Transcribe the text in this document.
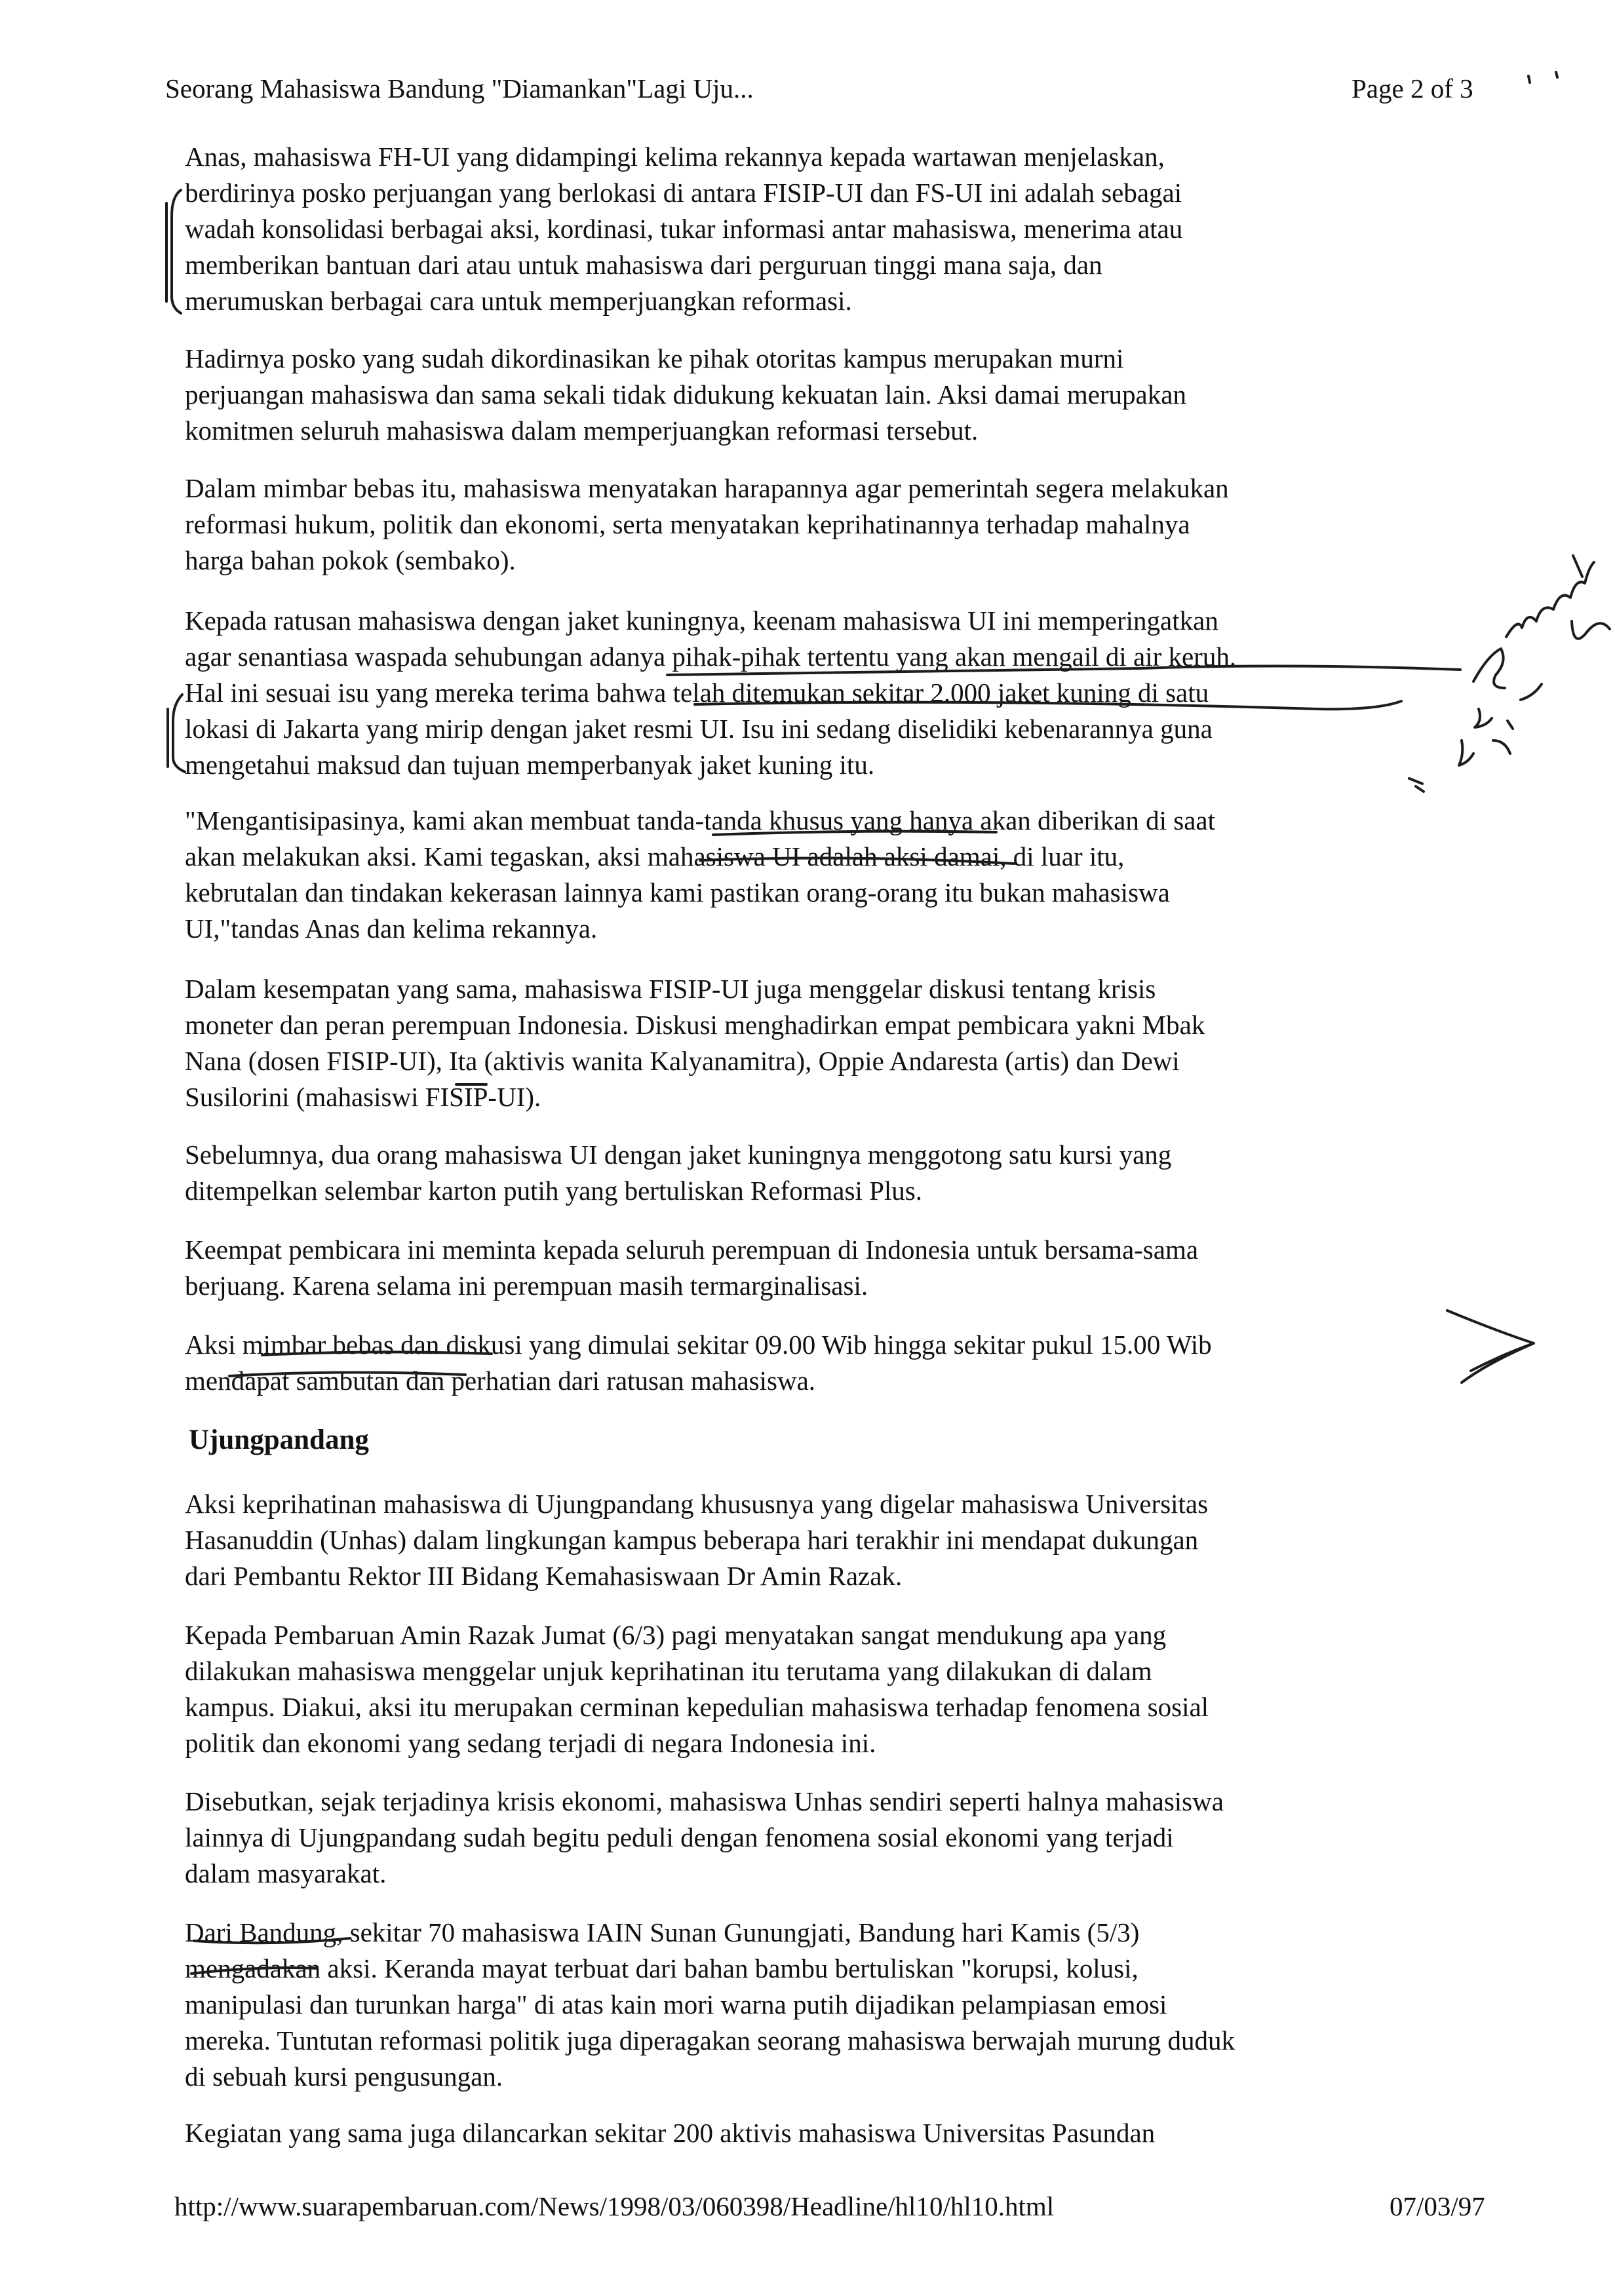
Seorang Mahasiswa Bandung "Diamankan"Lagi Uju...	Page 2 of 3
Anas, mahasiswa FH-UI yang didampingi kelima rekannya kepada wartawan menjelaskan,
berdirinya posko perjuangan yang berlokasi di antara FISIP-UI dan FS-UI ini adalah sebagai
wadah konsolidasi berbagai aksi, kordinasi, tukar informasi antar mahasiswa, menerima atau
memberikan bantuan dari atau untuk mahasiswa dari perguruan tinggi mana saja, dan
merumuskan berbagai cara untuk memperjuangkan reformasi.
Hadirnya posko yang sudah dikordinasikan ke pihak otoritas kampus merupakan murni
perjuangan mahasiswa dan sama sekali tidak didukung kekuatan lain. Aksi damai merupakan
komitmen seluruh mahasiswa dalam memperjuangkan reformasi tersebut.
Dalam mimbar bebas itu, mahasiswa menyatakan harapannya agar pemerintah segera melakukan
reformasi hukum, politik dan ekonomi, serta menyatakan keprihatinannya terhadap mahalnya
harga bahan pokok (sembako).
Kepada ratusan mahasiswa dengan jaket kuningnya, keenam mahasiswa UI ini memperingatkan
agar senantiasa waspada sehubungan adanya pihak-pihak tertentu yang akan mengail di air keruh.
Hal ini sesuai isu yang mereka terima bahwa telah ditemukan sekitar 2.000 jaket kuning di satu
lokasi di Jakarta yang mirip dengan jaket resmi UI. Isu ini sedang diselidiki kebenarannya guna
mengetahui maksud dan tujuan memperbanyak jaket kuning itu.
"Mengantisipasinya, kami akan membuat tanda-tanda khusus yang hanya akan diberikan di saat
akan melakukan aksi. Kami tegaskan, aksi mahasiswa UI adalah aksi damai, di luar itu,
kebrutalan dan tindakan kekerasan lainnya kami pastikan orang-orang itu bukan mahasiswa
UI,"tandas Anas dan kelima rekannya.
Dalam kesempatan yang sama, mahasiswa FISIP-UI juga menggelar diskusi tentang krisis
moneter dan peran perempuan Indonesia. Diskusi menghadirkan empat pembicara yakni Mbak
Nana (dosen FISIP-UI), Ita (aktivis wanita Kalyanamitra), Oppie Andaresta (artis) dan Dewi
Susilorini (mahasiswi FISIP-UI).
Sebelumnya, dua orang mahasiswa UI dengan jaket kuningnya menggotong satu kursi yang
ditempelkan selembar karton putih yang bertuliskan Reformasi Plus.
Keempat pembicara ini meminta kepada seluruh perempuan di Indonesia untuk bersama-sama
berjuang. Karena selama ini perempuan masih termarginalisasi.
Aksi mimbar bebas dan diskusi yang dimulai sekitar 09.00 Wib hingga sekitar pukul 15.00 Wib
mendapat sambutan dan perhatian dari ratusan mahasiswa.
Ujungpandang
Aksi keprihatinan mahasiswa di Ujungpandang khususnya yang digelar mahasiswa Universitas
Hasanuddin (Unhas) dalam lingkungan kampus beberapa hari terakhir ini mendapat dukungan
dari Pembantu Rektor III Bidang Kemahasiswaan Dr Amin Razak.
Kepada Pembaruan Amin Razak Jumat (6/3) pagi menyatakan sangat mendukung apa yang
dilakukan mahasiswa menggelar unjuk keprihatinan itu terutama yang dilakukan di dalam
kampus. Diakui, aksi itu merupakan cerminan kepedulian mahasiswa terhadap fenomena sosial
politik dan ekonomi yang sedang terjadi di negara Indonesia ini.
Disebutkan, sejak terjadinya krisis ekonomi, mahasiswa Unhas sendiri seperti halnya mahasiswa
lainnya di Ujungpandang sudah begitu peduli dengan fenomena sosial ekonomi yang terjadi
dalam masyarakat.
Dari Bandung, sekitar 70 mahasiswa IAIN Sunan Gunungjati, Bandung hari Kamis (5/3)
mengadakan aksi. Keranda mayat terbuat dari bahan bambu bertuliskan "korupsi, kolusi,
manipulasi dan turunkan harga" di atas kain mori warna putih dijadikan pelampiasan emosi
mereka. Tuntutan reformasi politik juga diperagakan seorang mahasiswa berwajah murung duduk
di sebuah kursi pengusungan.
Kegiatan yang sama juga dilancarkan sekitar 200 aktivis mahasiswa Universitas Pasundan
http://www.suarapembaruan.com/News/1998/03/060398/Headline/hl10/hl10.html	07/03/97
